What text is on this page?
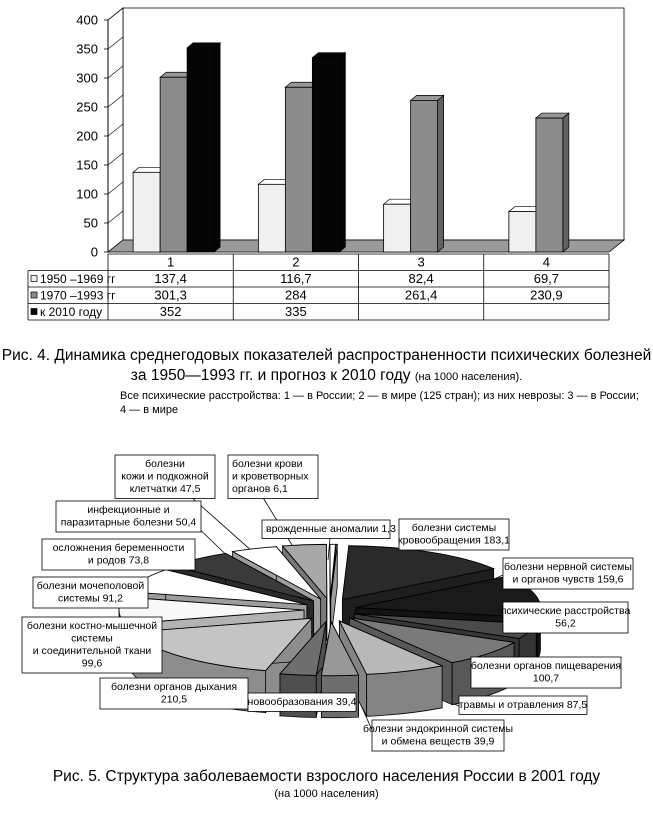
0
50
100
150
200
250
300
350
400
1	2	3	4
1950 –1969 гг	137,4	116,7	82,4	69,7
1970 –1993 гг	301,3	284	261,4	230,9
к 2010 году	352	335
Рис. 4. Динамика среднегодовых показателей распространенности психических болезней за 1950—1993 гг. и прогноз к 2010 году (на 1000 населения).
Все психические расстройства: 1 — в России; 2 — в мире (125 стран); из них неврозы: 3 — в России; 4 — в мире
болезни
кожи и подкожной
клетчатки 47,5
болезни крови
и кроветворных
органов 6,1
инфекционные и
паразитарные болезни 50,4
врожденные аномалии 1,3 болезни системы
кровообращения 183,1
осложнения беременности
и родов 73,8
болезни нервной системы
и органов чувств 159,6
болезни мочеполовой
системы 91,2
психические расстройства
56,2
болезни костно-мышечной
системы
и соединительной ткани
99,6	болезни органов пищеварения
100,7
болезни органов дыхания
210,5	новообразования 39,4	травмы и отравления 87,5
болезни эндокринной системы
и обмена веществ 39,9
Рис. 5. Структура заболеваемости взрослого населения России в 2001 году
(на 1000 населения)
